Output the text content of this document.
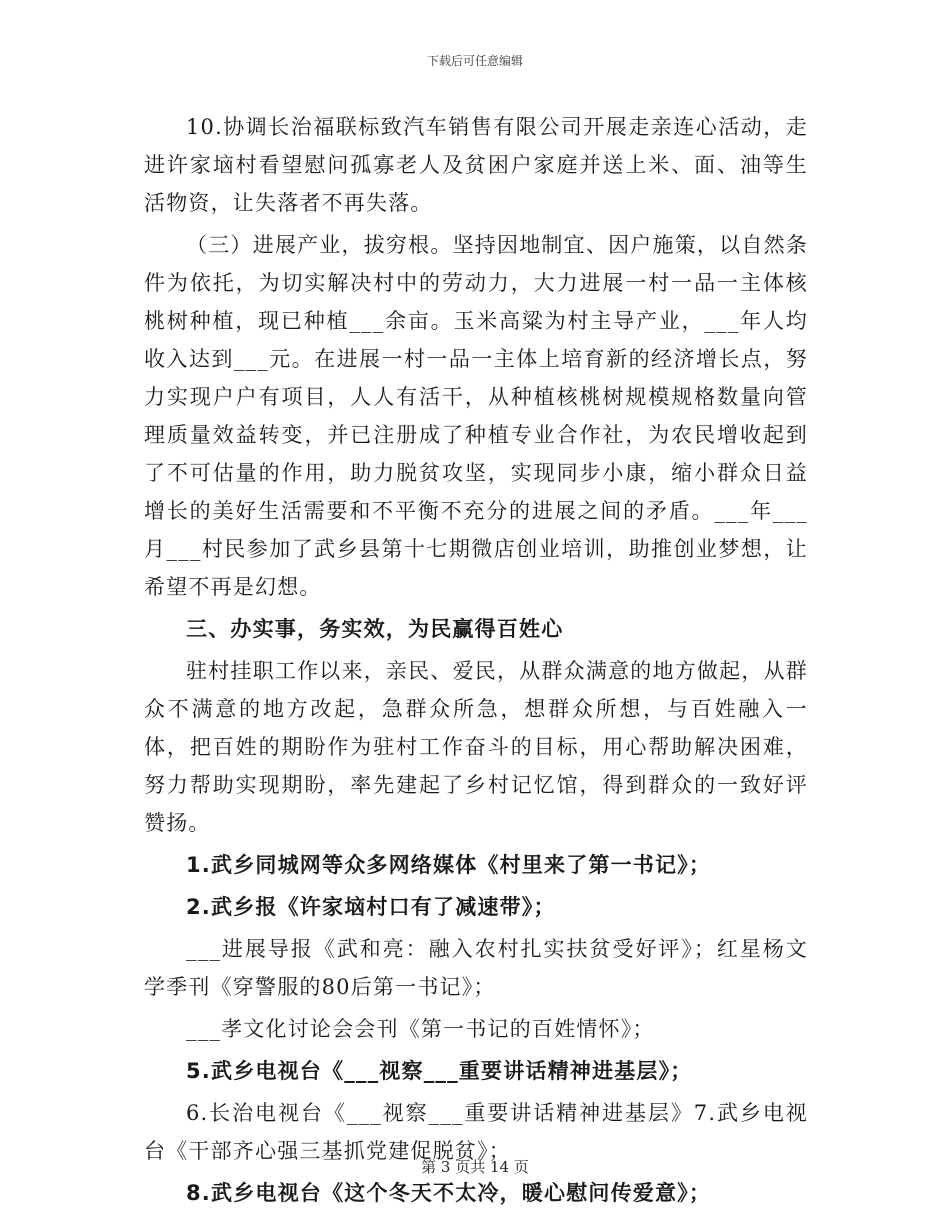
下载后可任意编辑

10.协调长治福联标致汽车销售有限公司开展走亲连心活动，走进许家垴村看望慰问孤寡老人及贫困户家庭并送上米、面、油等生活物资，让失落者不再失落。

（三）进展产业，拔穷根。坚持因地制宜、因户施策，以自然条件为依托，为切实解决村中的劳动力，大力进展一村一品一主体核桃树种植，现已种植___余亩。玉米高粱为村主导产业，___年人均收入达到___元。在进展一村一品一主体上培育新的经济增长点，努力实现户户有项目，人人有活干，从种植核桃树规模规格数量向管理质量效益转变，并已注册成了种植专业合作社，为农民增收起到了不可估量的作用，助力脱贫攻坚，实现同步小康，缩小群众日益增长的美好生活需要和不平衡不充分的进展之间的矛盾。___年___月___村民参加了武乡县第十七期微店创业培训，助推创业梦想，让希望不再是幻想。

三、办实事，务实效，为民赢得百姓心

驻村挂职工作以来，亲民、爱民，从群众满意的地方做起，从群众不满意的地方改起，急群众所急，想群众所想，与百姓融入一体，把百姓的期盼作为驻村工作奋斗的目标，用心帮助解决困难，努力帮助实现期盼，率先建起了乡村记忆馆，得到群众的一致好评赞扬。

1.武乡同城网等众多网络媒体《村里来了第一书记》；

2.武乡报《许家垴村口有了减速带》；

___进展导报《武和亮：融入农村扎实扶贫受好评》；红星杨文学季刊《穿警服的80后第一书记》；

___孝文化讨论会会刊《第一书记的百姓情怀》；

5.武乡电视台《___视察___重要讲话精神进基层》；

6.长治电视台《___视察___重要讲话精神进基层》7.武乡电视台《干部齐心强三基抓党建促脱贫》；

8.武乡电视台《这个冬天不太冷，暖心慰问传爱意》；

第 3 页共 14 页
